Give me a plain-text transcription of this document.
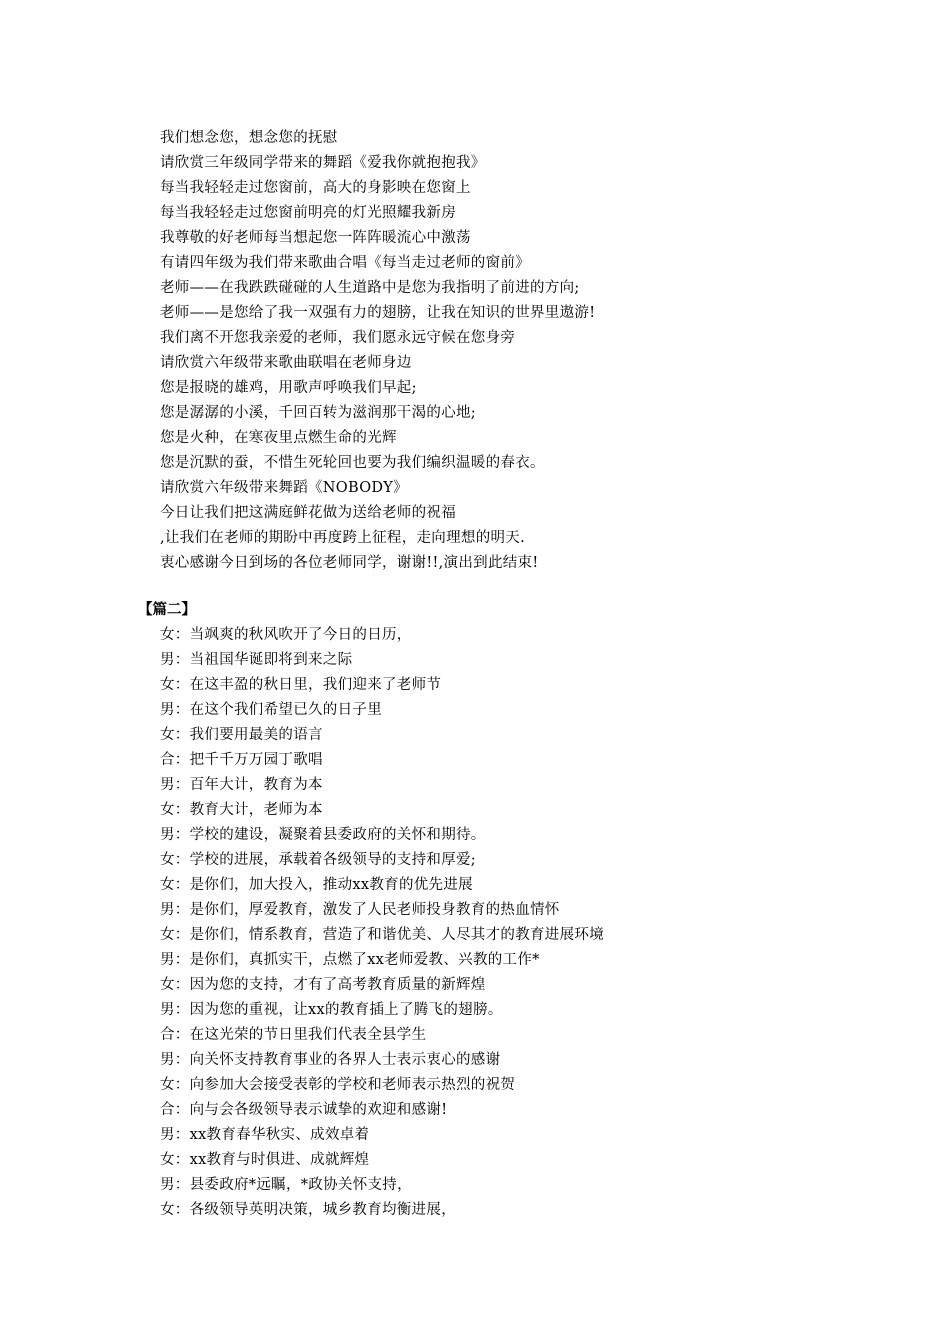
我们想念您，想念您的抚慰
请欣赏三年级同学带来的舞蹈《爱我你就抱抱我》
每当我轻轻走过您窗前，高大的身影映在您窗上
每当我轻轻走过您窗前明亮的灯光照耀我新房
我尊敬的好老师每当想起您一阵阵暖流心中激荡
有请四年级为我们带来歌曲合唱《每当走过老师的窗前》
老师——在我跌跌碰碰的人生道路中是您为我指明了前进的方向;
老师——是您给了我一双强有力的翅膀，让我在知识的世界里遨游!
我们离不开您我亲爱的老师，我们愿永远守候在您身旁
请欣赏六年级带来歌曲联唱在老师身边
您是报晓的雄鸡，用歌声呼唤我们早起;
您是潺潺的小溪，千回百转为滋润那干渴的心地;
您是火种，在寒夜里点燃生命的光辉
您是沉默的蚕，不惜生死轮回也要为我们编织温暖的春衣。
请欣赏六年级带来舞蹈《NOBODY》
今日让我们把这满庭鲜花做为送给老师的祝福
,让我们在老师的期盼中再度跨上征程，走向理想的明天.
衷心感谢今日到场的各位老师同学，谢谢!!,演出到此结束!
【篇二】
女：当飒爽的秋风吹开了今日的日历，
男：当祖国华诞即将到来之际
女：在这丰盈的秋日里，我们迎来了老师节
男：在这个我们希望已久的日子里
女：我们要用最美的语言
合：把千千万万园丁歌唱
男：百年大计，教育为本
女：教育大计，老师为本
男：学校的建设，凝聚着县委政府的关怀和期待。
女：学校的进展，承载着各级领导的支持和厚爱;
女：是你们，加大投入，推动xx教育的优先进展
男：是你们，厚爱教育，激发了人民老师投身教育的热血情怀
女：是你们，情系教育，营造了和谐优美、人尽其才的教育进展环境
男：是你们，真抓实干，点燃了xx老师爱教、兴教的工作*
女：因为您的支持，才有了高考教育质量的新辉煌
男：因为您的重视，让xx的教育插上了腾飞的翅膀。
合：在这光荣的节日里我们代表全县学生
男：向关怀支持教育事业的各界人士表示衷心的感谢
女：向参加大会接受表彰的学校和老师表示热烈的祝贺
合：向与会各级领导表示诚挚的欢迎和感谢!
男：xx教育春华秋实、成效卓着
女：xx教育与时俱进、成就辉煌
男：县委政府*远瞩，*政协关怀支持，
女：各级领导英明决策，城乡教育均衡进展，
